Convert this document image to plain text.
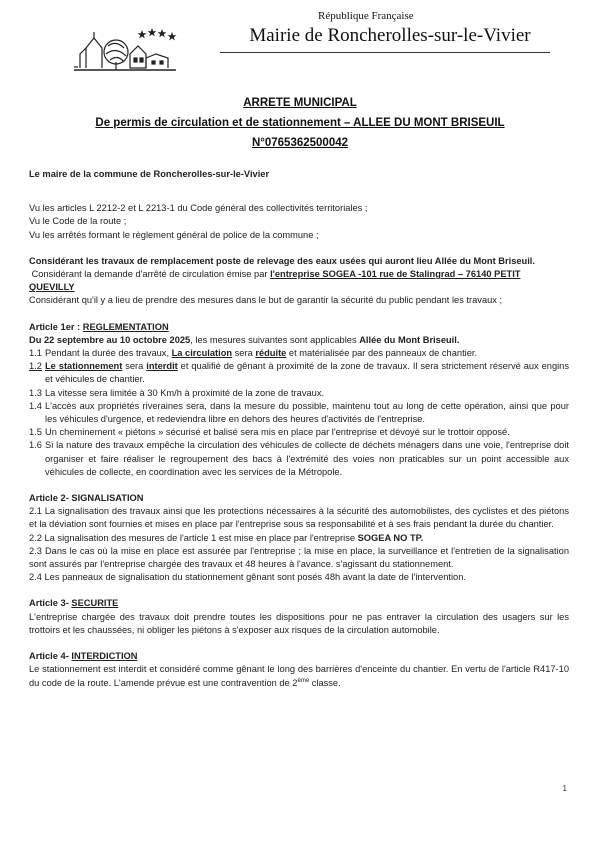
République Française
Mairie de Roncherolles-sur-le-Vivier
ARRETE MUNICIPAL
De permis de circulation et de stationnement – ALLEE DU MONT BRISEUIL
N°0765362500042

Le maire de la commune de Roncherolles-sur-le-Vivier

Vu les articles L 2212-2 et L 2213-1 du Code général des collectivités territoriales ;

Vu le Code de la route ;

Vu les arrêtés formant le règlement général de police de la commune ;

Considérant les travaux de remplacement poste de relevage des eaux usées qui auront lieu Allée du Mont Briseuil.

Considérant la demande d'arrêté de circulation émise par l'entreprise SOGEA -101 rue de Stalingrad – 76140 PETIT
QUEVILLY

Considérant qu'il y a lieu de prendre des mesures dans le but de garantir la sécurité du public pendant les travaux ;

Article 1er : REGLEMENTATION

Du 22 septembre au 10 octobre 2025, les mesures suivantes sont applicables Allée du Mont Briseuil.

1.1 Pendant la durée des travaux, La circulation sera réduite et matérialisée par des panneaux de chantier.
1.2 Le stationnement sera interdit et qualifié de gênant à proximité de la zone de travaux. Il sera strictement réservé aux engins et véhicules de chantier.
1.3 La vitesse sera limitée à 30 Km/h à proximité de la zone de travaux.
1.4 L'accès aux propriétés riveraines sera, dans la mesure du possible, maintenu tout au long de cette opération, ainsi que pour les véhicules d'urgence, et redeviendra libre en dehors des heures d'activités de l'entreprise.
1.5 Un cheminement « piétons » sécurisé et balisé sera mis en place par l'entreprise et dévoyé sur le trottoir opposé.
1.6 Si la nature des travaux empêche la circulation des véhicules de collecte de déchets ménagers dans une voie, l'entreprise doit organiser et faire réaliser le regroupement des bacs à l'extrémité des voies non praticables sur un point accessible aux véhicules de collecte, en coordination avec les services de la Métropole.

Article 2- SIGNALISATION

2.1 La signalisation des travaux ainsi que les protections nécessaires à la sécurité des automobilistes, des cyclistes et des piétons et la déviation sont fournies et mises en place par l'entreprise sous sa responsabilité et à ses frais pendant la durée du chantier.

2.2 La signalisation des mesures de l'article 1 est mise en place par l'entreprise SOGEA NO TP.

2.3 Dans le cas où la mise en place est assurée par l'entreprise ; la mise en place, la surveillance et l'entretien de la signalisation sont assurés par l'entreprise chargée des travaux et 48 heures à l'avance. s'agissant du stationnement.

2.4 Les panneaux de signalisation du stationnement gênant sont posés 48h avant la date de l'intervention.

Article 3- SECURITE

L'entreprise chargée des travaux doit prendre toutes les dispositions pour ne pas entraver la circulation des usagers sur les trottoirs et les chaussées, ni obliger les piétons à s'exposer aux risques de la circulation automobile.

Article 4- INTERDICTION

Le stationnement est interdit et considéré comme gênant le long des barrières d'enceinte du chantier. En vertu de l'article R417-10 du code de la route. L'amende prévue est une contravention de 2ème classe.

1
